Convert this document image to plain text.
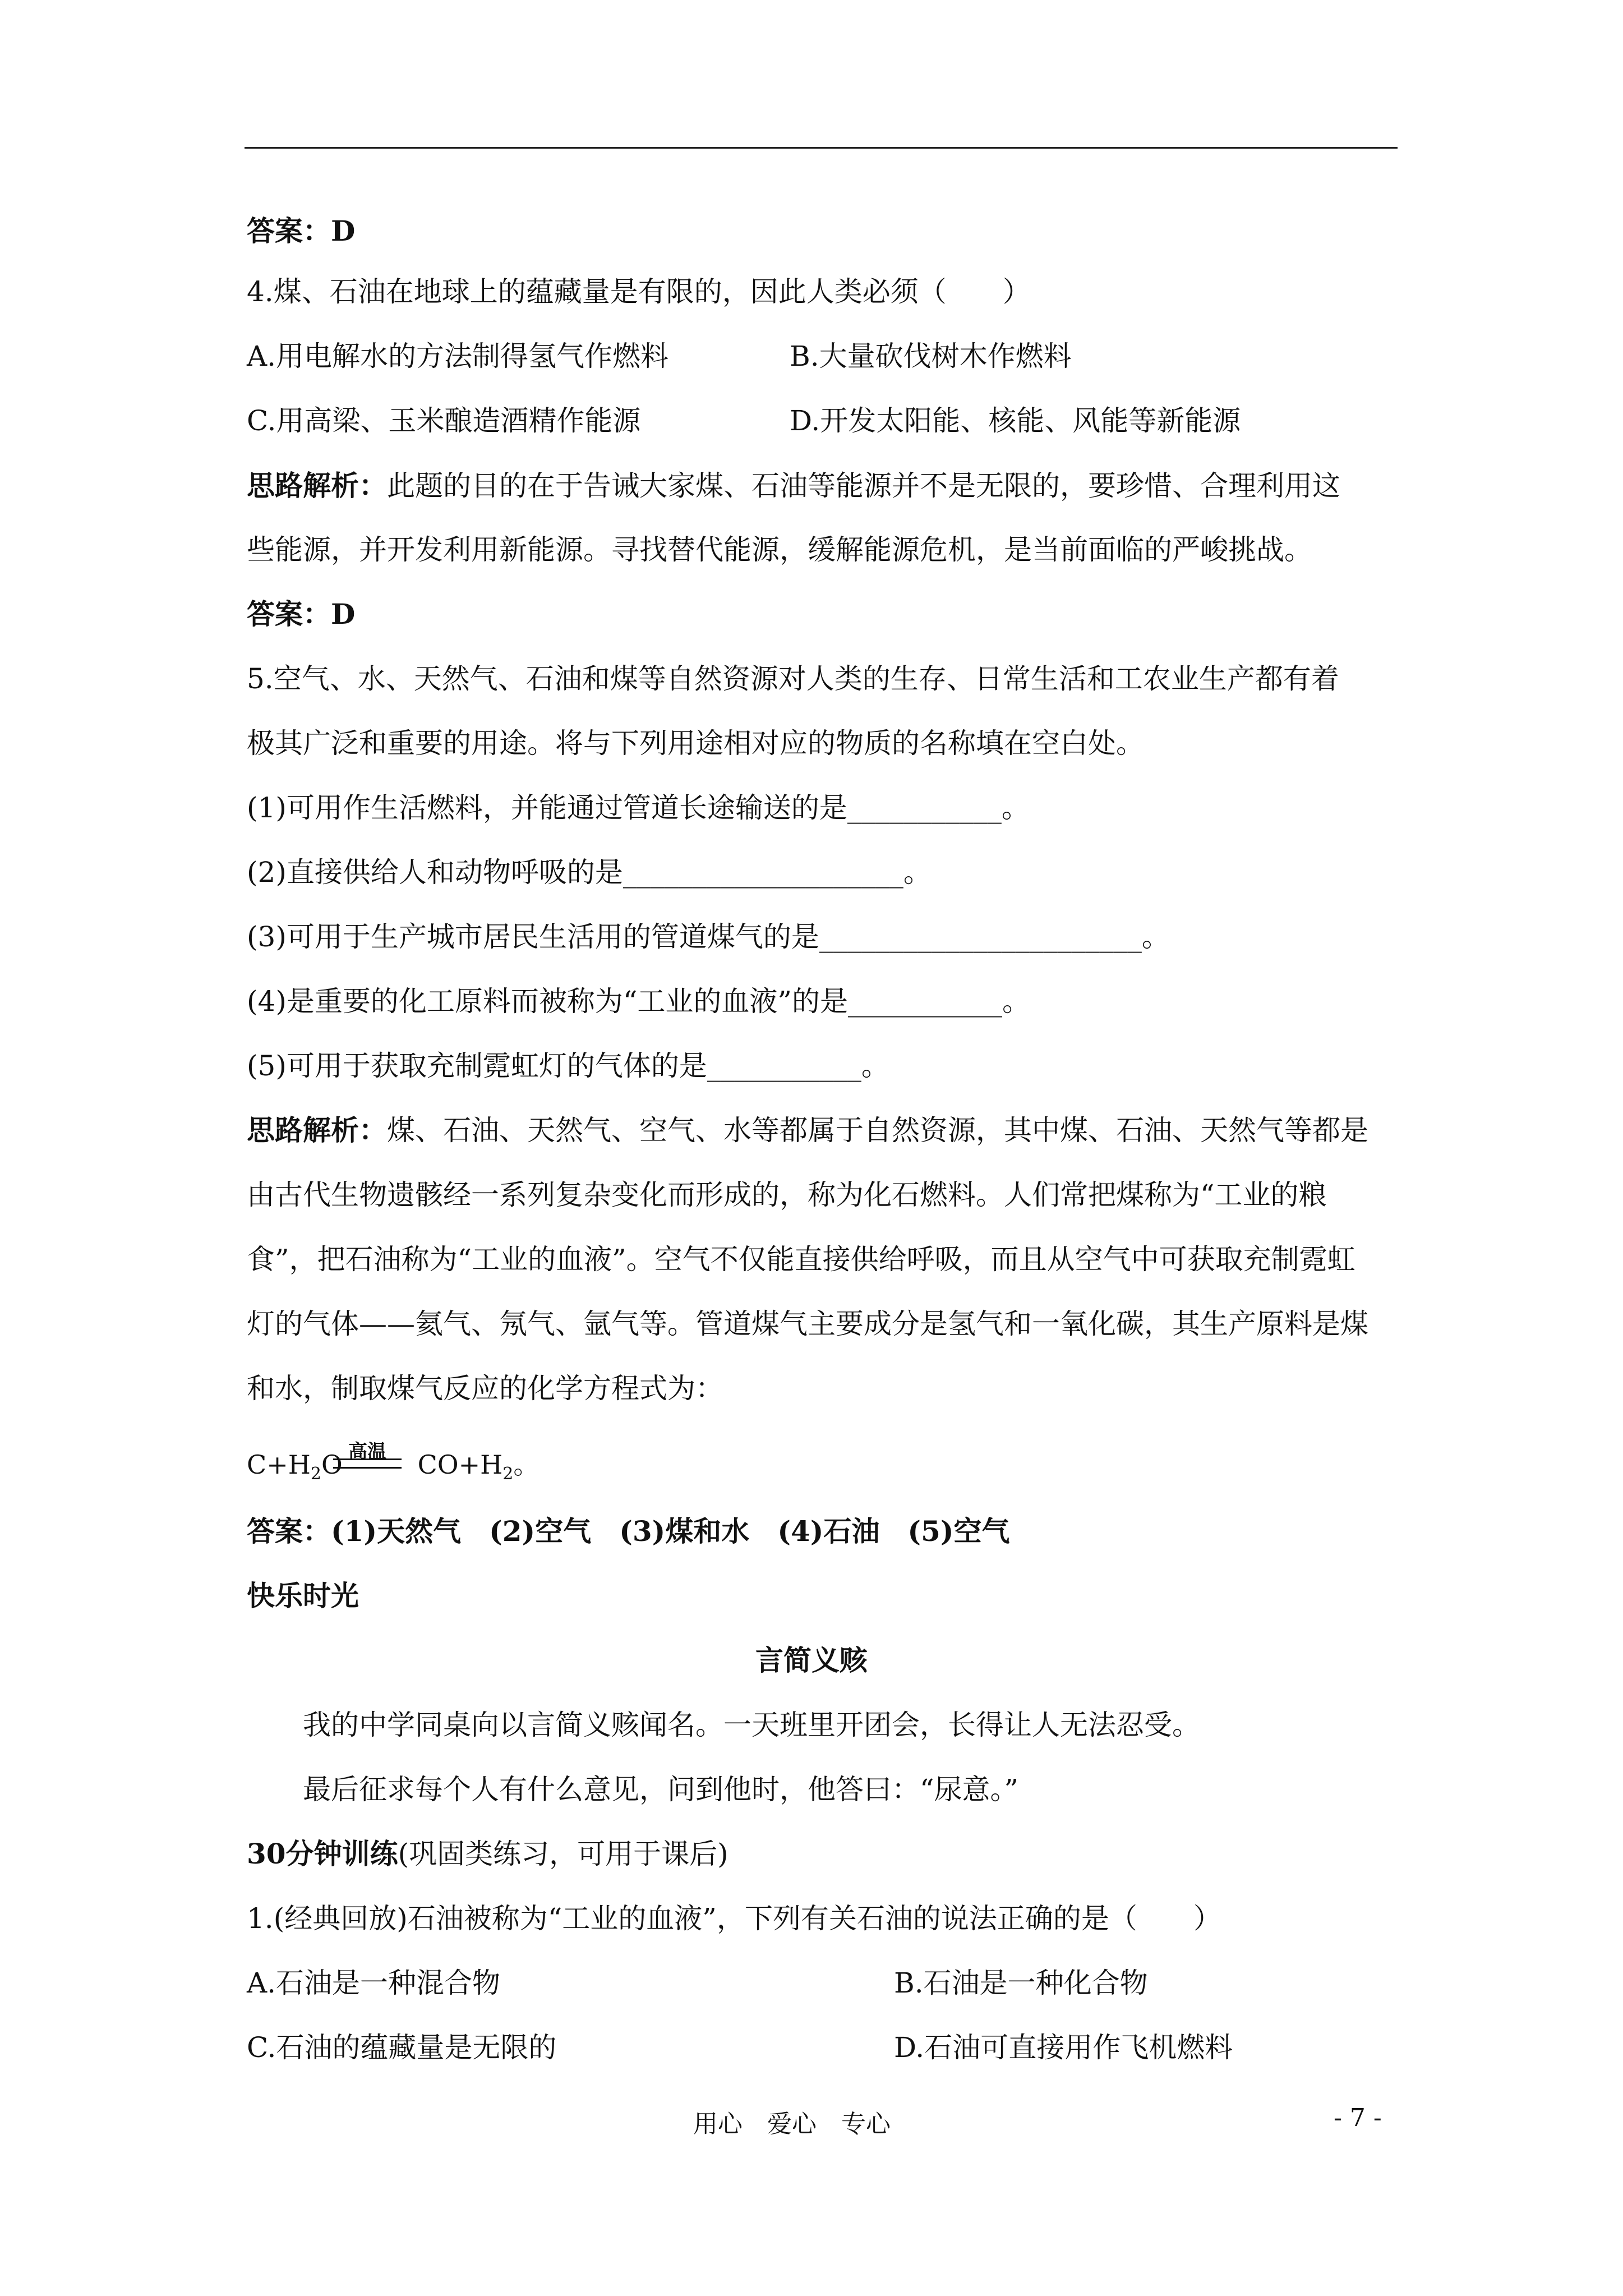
答案：D
4.煤、石油在地球上的蕴藏量是有限的，因此人类必须（　　）
A.用电解水的方法制得氢气作燃料	B.大量砍伐树木作燃料
C.用高梁、玉米酿造酒精作能源	D.开发太阳能、核能、风能等新能源
思路解析：此题的目的在于告诫大家煤、石油等能源并不是无限的，要珍惜、合理利用这
些能源，并开发利用新能源。寻找替代能源，缓解能源危机，是当前面临的严峻挑战。
答案：D
5.空气、水、天然气、石油和煤等自然资源对人类的生存、日常生活和工农业生产都有着
极其广泛和重要的用途。将与下列用途相对应的物质的名称填在空白处。
(1)可用作生活燃料，并能通过管道长途输送的是___________。
(2)直接供给人和动物呼吸的是____________________。
(3)可用于生产城市居民生活用的管道煤气的是_______________________。
(4)是重要的化工原料而被称为“工业的血液”的是___________。
(5)可用于获取充制霓虹灯的气体的是___________。
思路解析：煤、石油、天然气、空气、水等都属于自然资源，其中煤、石油、天然气等都是
由古代生物遗骸经一系列复杂变化而形成的，称为化石燃料。人们常把煤称为“工业的粮
食”，把石油称为“工业的血液”。空气不仅能直接供给呼吸，而且从空气中可获取充制霓虹
灯的气体——氦气、氖气、氩气等。管道煤气主要成分是氢气和一氧化碳，其生产原料是煤
和水，制取煤气反应的化学方程式为：
$C+H_2O$	$CO+H_2$。
高温
答案：(1)天然气　(2)空气　(3)煤和水　(4)石油　(5)空气
快乐时光
言简义赅
我的中学同桌向以言简义赅闻名。一天班里开团会，长得让人无法忍受。
最后征求每个人有什么意见，问到他时，他答曰：“尿意。”
30分钟训练(巩固类练习，可用于课后)
1.(经典回放)石油被称为“工业的血液”，下列有关石油的说法正确的是（　　）
A.石油是一种混合物	B.石油是一种化合物
C.石油的蕴藏量是无限的	D.石油可直接用作飞机燃料
用心　爱心　专心	- 7 -
